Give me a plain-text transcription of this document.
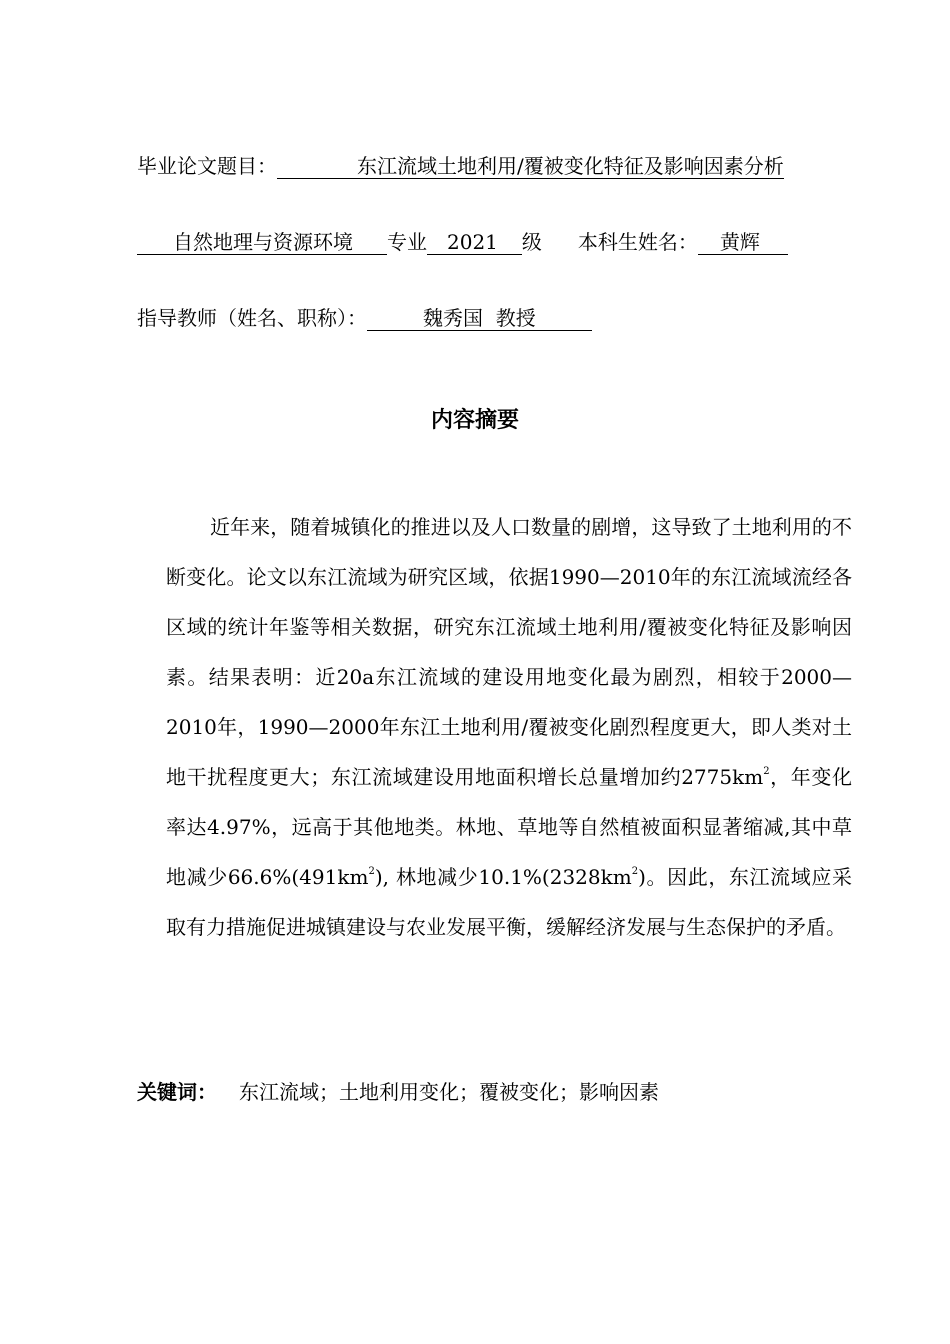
毕业论文题目：	东江流域土地利用/覆被变化特征及影响因素分析
自然地理与资源环境 专业 2021 级 本科生姓名： 黄辉
指导教师（姓名、职称）：	魏秀国  教授
内容摘要

近年来，随着城镇化的推进以及人口数量的剧增，这导致了土地利用的不断变化。论文以东江流域为研究区域，依据1990—2010年的东江流域流经各区域的统计年鉴等相关数据，研究东江流域土地利用/覆被变化特征及影响因素。结果表明：近20a东江流域的建设用地变化最为剧烈，相较于2000—2010年，1990—2000年东江土地利用/覆被变化剧烈程度更大，即人类对土地干扰程度更大；东江流域建设用地面积增长总量增加约$2775km^2$，年变化率达4.97%，远高于其他地类。林地、草地等自然植被面积显著缩减,其中草地减少$66.6\%(491km^2)$, 林地减少$10.1\%(2328km^2)$。因此，东江流域应采取有力措施促进城镇建设与农业发展平衡，缓解经济发展与生态保护的矛盾。

关键词： 东江流域；土地利用变化；覆被变化；影响因素
